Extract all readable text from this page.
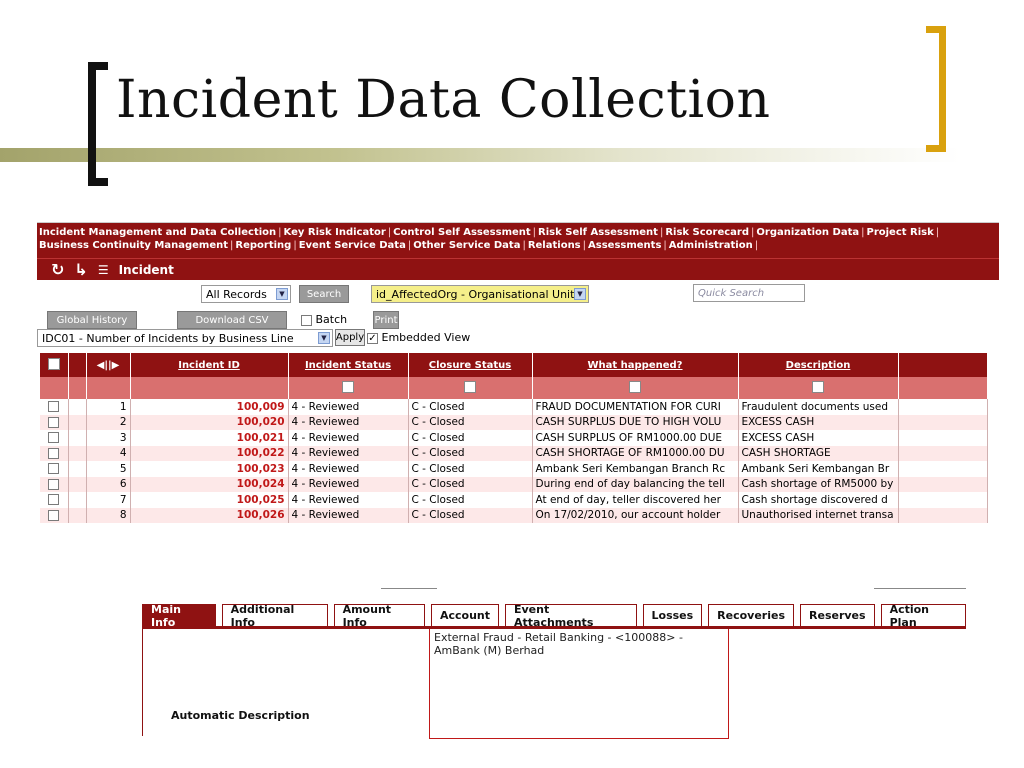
Incident Data Collection
Incident Management and Data Collection | Key Risk Indicator | Control Self Assessment | Risk Self Assessment | Risk Scorecard | Organization Data | Project Risk |
Business Continuity Management | Reporting | Event Service Data | Other Service Data | Relations | Assessments | Administration |
↻ ↳ ☰ Incident
All Records	▼	Search	id_AffectedOrg - Organisational Unit ▼	Quick Search
Global History	Download CSV	Batch	Print
IDC01 - Number of Incidents by Business Line	▼ Apply ✓	Embedded View
		◀||▶	Incident ID	Incident Status	Closure Status	What happened?	Description	

		1	100,009	4 - Reviewed	C - Closed	FRAUD DOCUMENTATION FOR CURI	Fraudulent documents used	
		2	100,020	4 - Reviewed	C - Closed	CASH SURPLUS DUE TO HIGH VOLU	EXCESS CASH	
		3	100,021	4 - Reviewed	C - Closed	CASH SURPLUS OF RM1000.00 DUE	EXCESS CASH	
		4	100,022	4 - Reviewed	C - Closed	CASH SHORTAGE OF RM1000.00 DU	CASH SHORTAGE	
		5	100,023	4 - Reviewed	C - Closed	Ambank Seri Kembangan Branch Rc	Ambank Seri Kembangan Br	
		6	100,024	4 - Reviewed	C - Closed	During end of day balancing the tell	Cash shortage of RM5000 by	
		7	100,025	4 - Reviewed	C - Closed	At end of day, teller discovered her	Cash shortage discovered d	
		8	100,026	4 - Reviewed	C - Closed	On 17/02/2010, our account holder	Unauthorised internet transa	
Main Info
Additional Info
Amount Info	Account	Event Attachments	Losses	Recoveries	Reserves	Action Plan
Automatic Description
External Fraud - Retail Banking - <100088> - AmBank (M) Berhad
